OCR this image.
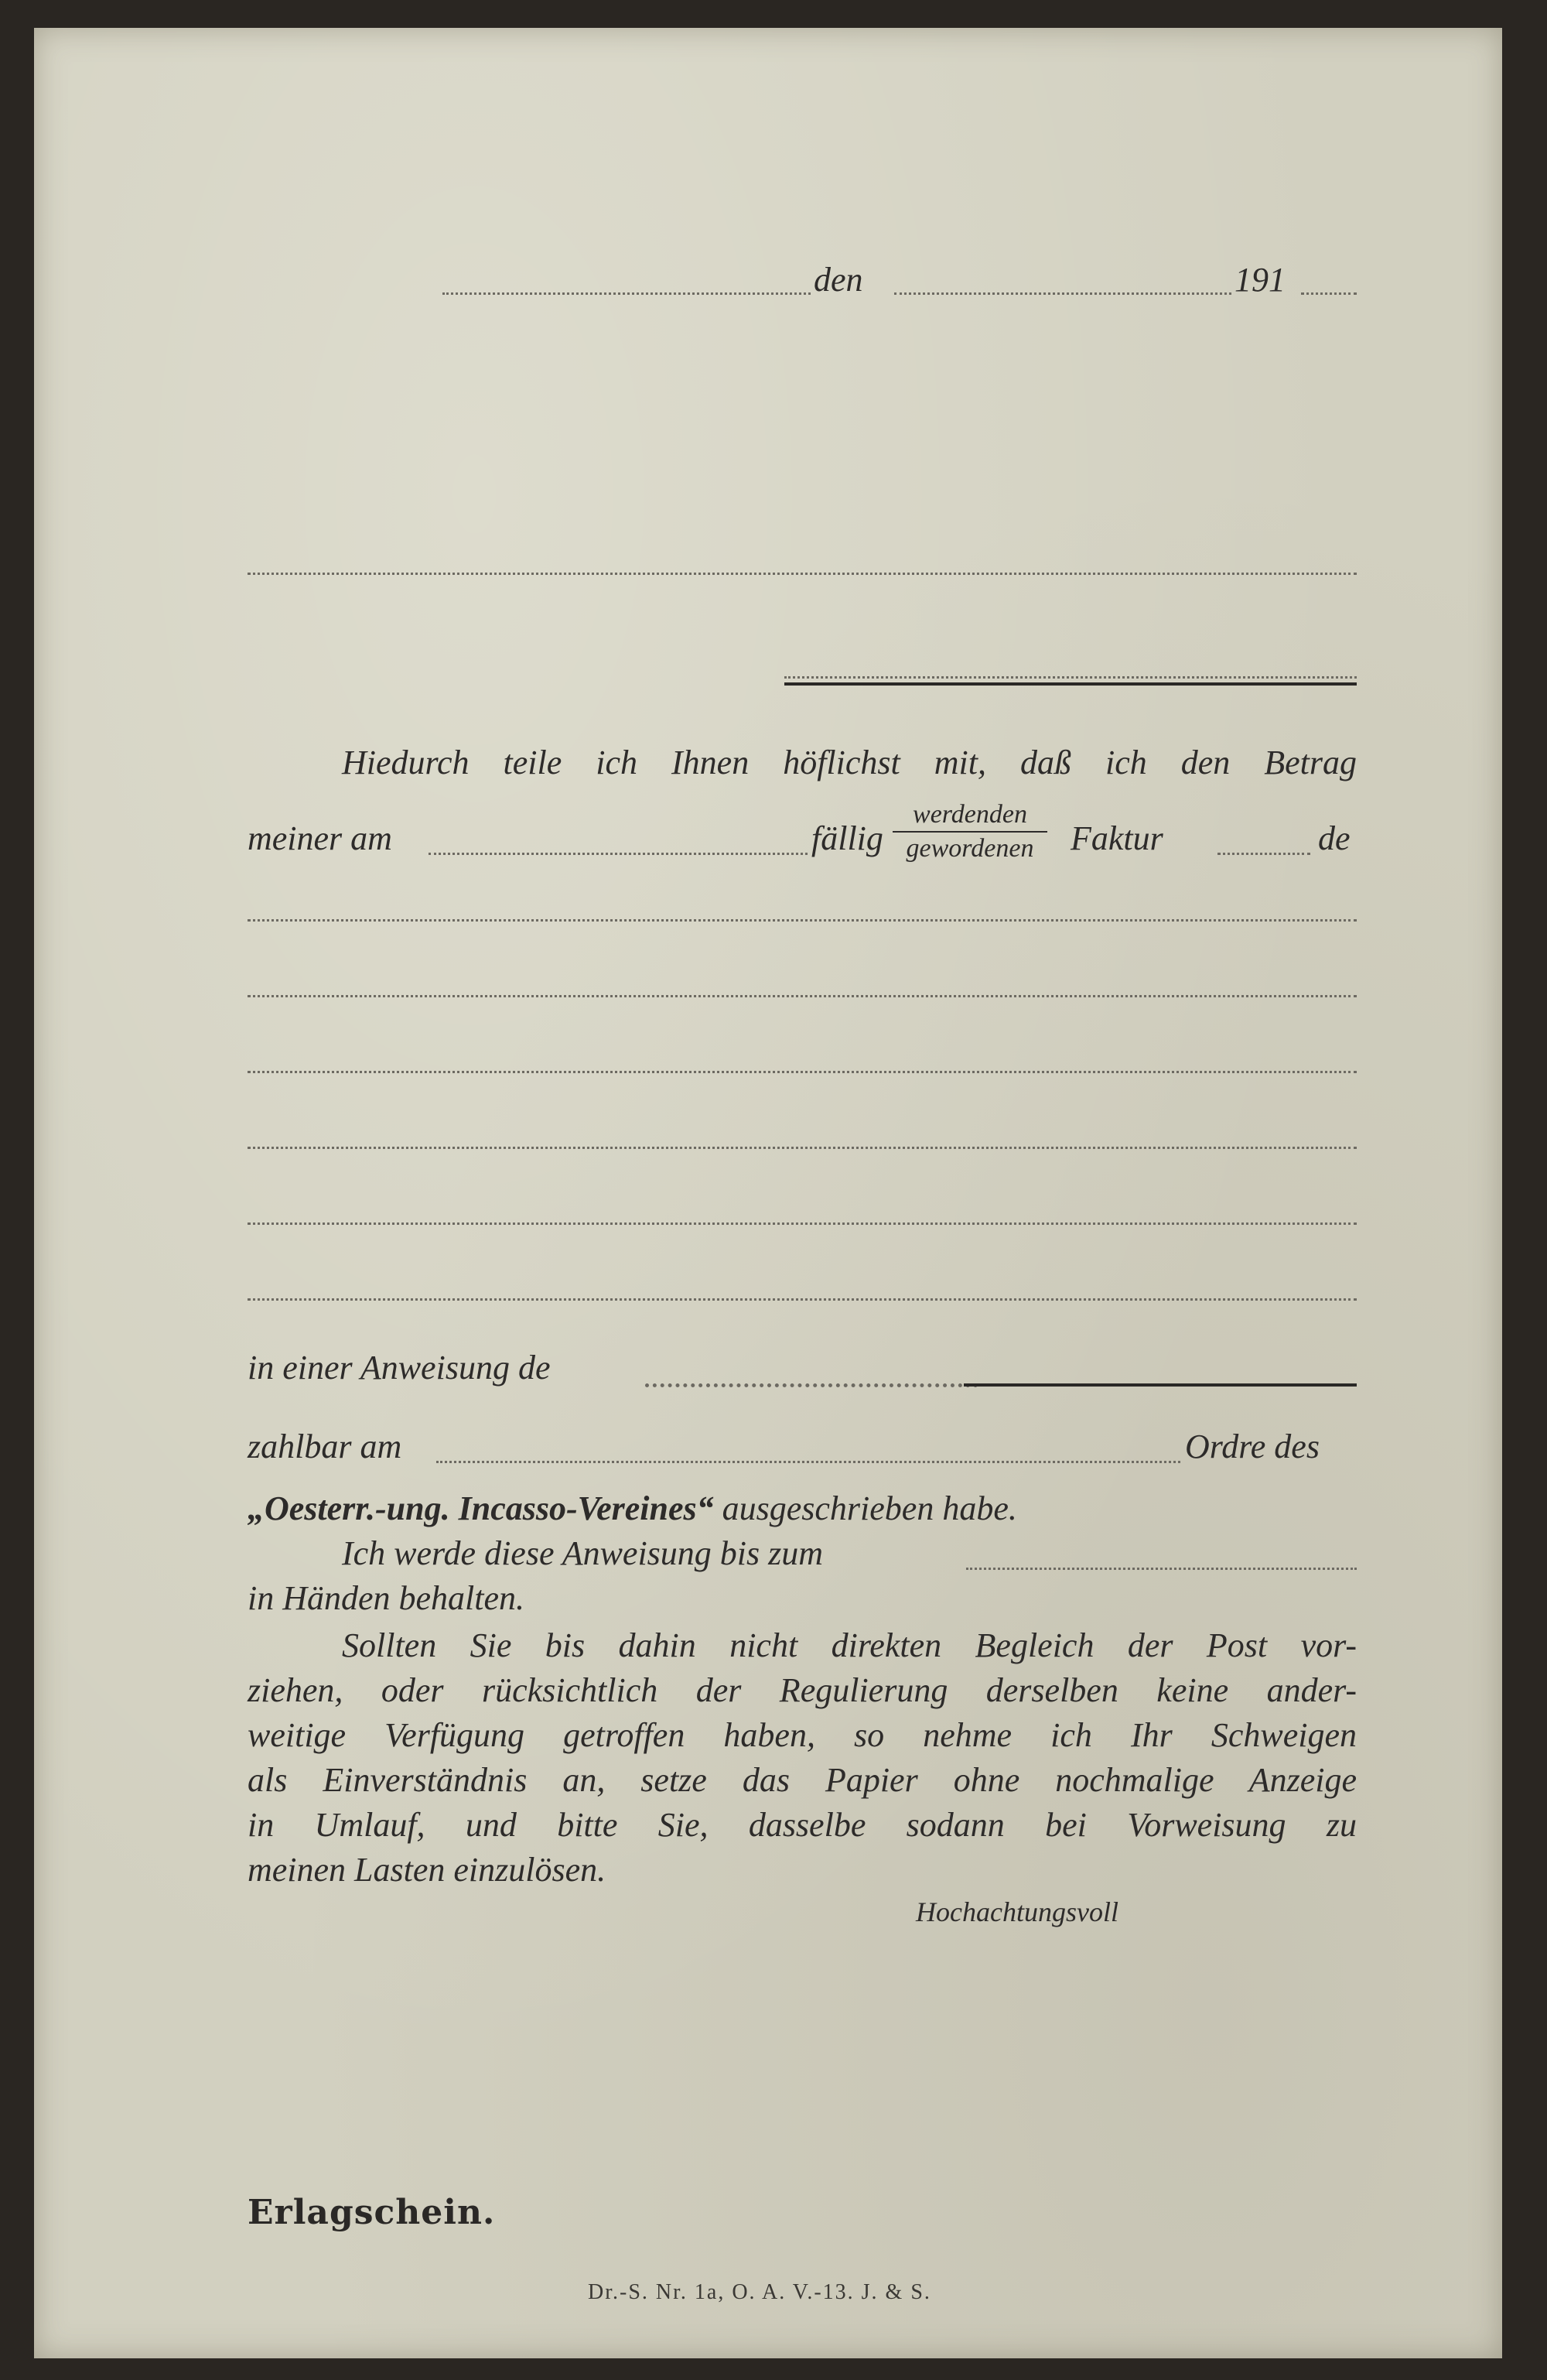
den	191
Hiedurch teile ich Ihnen höflichst mit, daß ich den Betrag
meiner am	fällig
werdenden
gewordenen	Faktur	de
in einer Anweisung de
zahlbar am	Ordre des
„Oesterr.-ung. Incasso-Vereines“ ausgeschrieben habe.
Ich werde diese Anweisung bis zum
in Händen behalten.
Sollten Sie bis dahin nicht direkten Begleich der Post vor-
ziehen, oder rücksichtlich der Regulierung derselben keine ander-
weitige Verfügung getroffen haben, so nehme ich Ihr Schweigen
als Einverständnis an, setze das Papier ohne nochmalige Anzeige
in Umlauf, und bitte Sie, dasselbe sodann bei Vorweisung zu
meinen Lasten einzulösen.
Hochachtungsvoll
Erlagschein.
Dr.-S. Nr. 1a, O. A. V.-13. J. & S.
